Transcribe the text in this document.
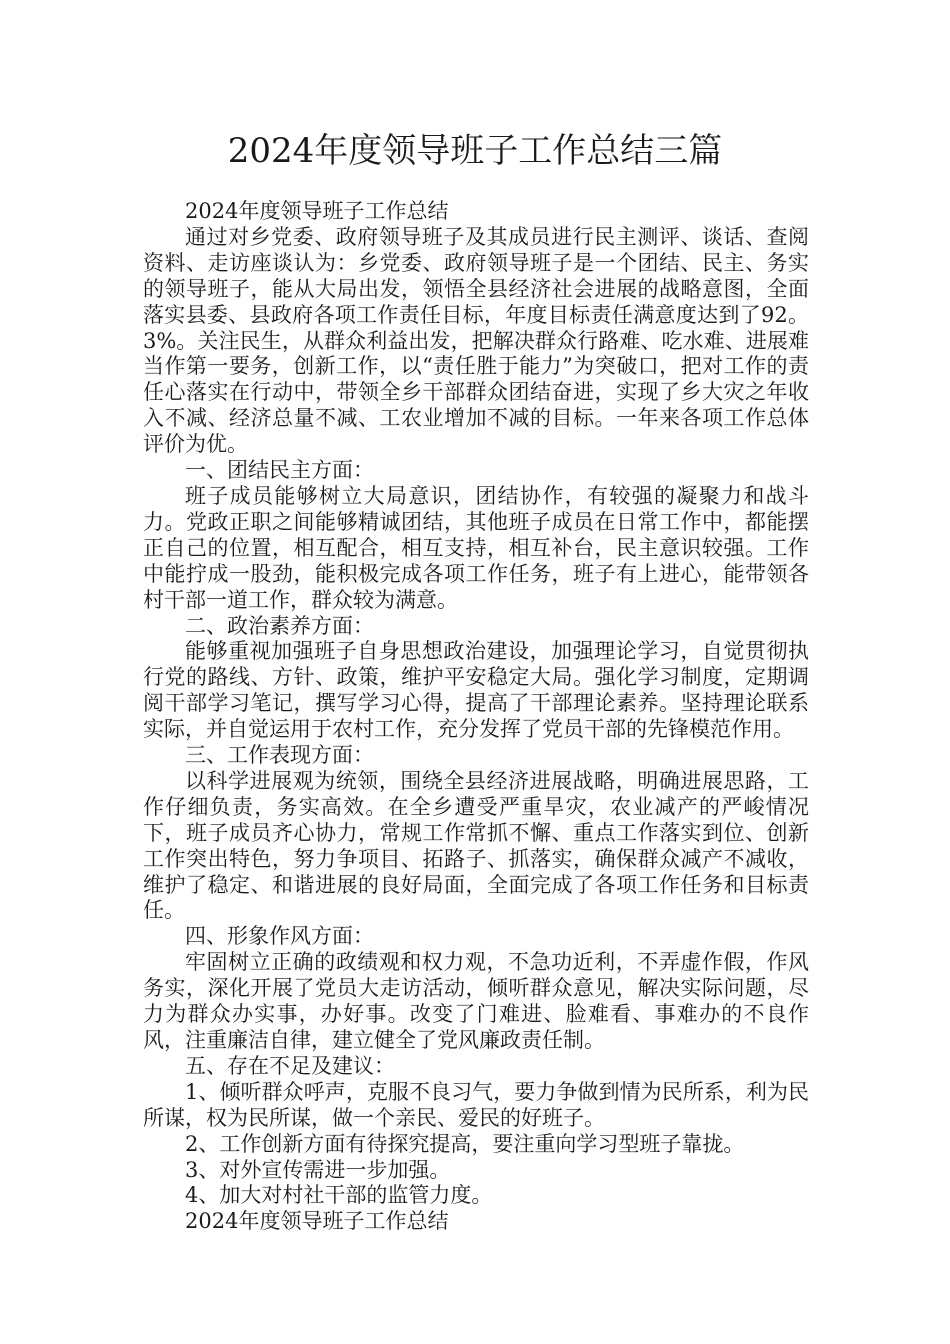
2024年度领导班子工作总结三篇

2024年度领导班子工作总结

通过对乡党委、政府领导班子及其成员进行民主测评、谈话、查阅资料、走访座谈认为：乡党委、政府领导班子是一个团结、民主、务实的领导班子，能从大局出发，领悟全县经济社会进展的战略意图，全面落实县委、县政府各项工作责任目标，年度目标责任满意度达到了92。3%。关注民生，从群众利益出发，把解决群众行路难、吃水难、进展难当作第一要务，创新工作，以“责任胜于能力”为突破口，把对工作的责任心落实在行动中，带领全乡干部群众团结奋进，实现了乡大灾之年收入不减、经济总量不减、工农业增加不减的目标。一年来各项工作总体评价为优。

一、团结民主方面：

班子成员能够树立大局意识，团结协作，有较强的凝聚力和战斗力。党政正职之间能够精诚团结，其他班子成员在日常工作中，都能摆正自己的位置，相互配合，相互支持，相互补台，民主意识较强。工作中能拧成一股劲，能积极完成各项工作任务，班子有上进心，能带领各村干部一道工作，群众较为满意。

二、政治素养方面：

能够重视加强班子自身思想政治建设，加强理论学习，自觉贯彻执行党的路线、方针、政策，维护平安稳定大局。强化学习制度，定期调阅干部学习笔记，撰写学习心得，提高了干部理论素养。坚持理论联系实际，并自觉运用于农村工作，充分发挥了党员干部的先锋模范作用。

三、工作表现方面：

以科学进展观为统领，围绕全县经济进展战略，明确进展思路，工作仔细负责，务实高效。在全乡遭受严重旱灾，农业减产的严峻情况下，班子成员齐心协力，常规工作常抓不懈、重点工作落实到位、创新工作突出特色，努力争项目、拓路子、抓落实，确保群众减产不减收，维护了稳定、和谐进展的良好局面，全面完成了各项工作任务和目标责任。

四、形象作风方面：

牢固树立正确的政绩观和权力观，不急功近利，不弄虚作假，作风务实，深化开展了党员大走访活动，倾听群众意见，解决实际问题，尽力为群众办实事，办好事。改变了门难进、脸难看、事难办的不良作风，注重廉洁自律，建立健全了党风廉政责任制。

五、存在不足及建议：

1、倾听群众呼声，克服不良习气，要力争做到情为民所系，利为民所谋，权为民所谋，做一个亲民、爱民的好班子。

2、工作创新方面有待探究提高，要注重向学习型班子靠拢。

3、对外宣传需进一步加强。

4、加大对村社干部的监管力度。

2024年度领导班子工作总结
